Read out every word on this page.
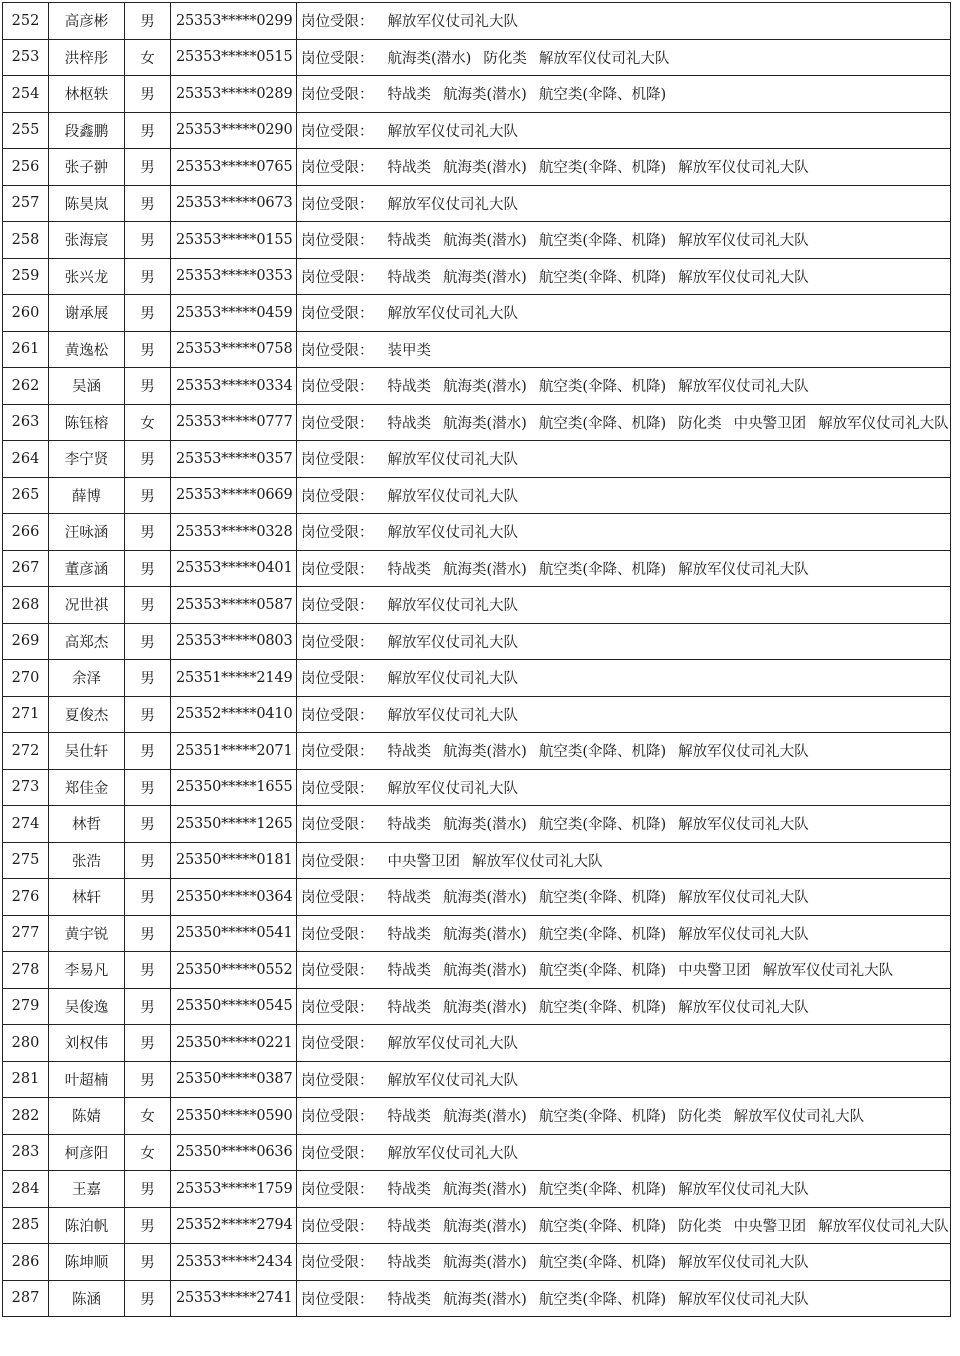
252	高彦彬	男	25353*****0299	岗位受限： 解放军仪仗司礼大队
253	洪梓彤	女	25353*****0515	岗位受限： 航海类(潜水) 防化类 解放军仪仗司礼大队
254	林枢轶	男	25353*****0289	岗位受限： 特战类 航海类(潜水) 航空类(伞降、机降)
255	段鑫鹏	男	25353*****0290	岗位受限： 解放军仪仗司礼大队
256	张子翀	男	25353*****0765	岗位受限： 特战类 航海类(潜水) 航空类(伞降、机降) 解放军仪仗司礼大队
257	陈昊岚	男	25353*****0673	岗位受限： 解放军仪仗司礼大队
258	张海宸	男	25353*****0155	岗位受限： 特战类 航海类(潜水) 航空类(伞降、机降) 解放军仪仗司礼大队
259	张兴龙	男	25353*****0353	岗位受限： 特战类 航海类(潜水) 航空类(伞降、机降) 解放军仪仗司礼大队
260	谢承展	男	25353*****0459	岗位受限： 解放军仪仗司礼大队
261	黄逸松	男	25353*****0758	岗位受限： 装甲类
262	吴涵	男	25353*****0334	岗位受限： 特战类 航海类(潜水) 航空类(伞降、机降) 解放军仪仗司礼大队
263	陈钰榕	女	25353*****0777	岗位受限： 特战类 航海类(潜水) 航空类(伞降、机降) 防化类 中央警卫团 解放军仪仗司礼大队
264	李宁贤	男	25353*****0357	岗位受限： 解放军仪仗司礼大队
265	薛博	男	25353*****0669	岗位受限： 解放军仪仗司礼大队
266	汪咏涵	男	25353*****0328	岗位受限： 解放军仪仗司礼大队
267	董彦涵	男	25353*****0401	岗位受限： 特战类 航海类(潜水) 航空类(伞降、机降) 解放军仪仗司礼大队
268	况世祺	男	25353*****0587	岗位受限： 解放军仪仗司礼大队
269	高郑杰	男	25353*****0803	岗位受限： 解放军仪仗司礼大队
270	余泽	男	25351*****2149	岗位受限： 解放军仪仗司礼大队
271	夏俊杰	男	25352*****0410	岗位受限： 解放军仪仗司礼大队
272	吴仕轩	男	25351*****2071	岗位受限： 特战类 航海类(潜水) 航空类(伞降、机降) 解放军仪仗司礼大队
273	郑佳金	男	25350*****1655	岗位受限： 解放军仪仗司礼大队
274	林哲	男	25350*****1265	岗位受限： 特战类 航海类(潜水) 航空类(伞降、机降) 解放军仪仗司礼大队
275	张浩	男	25350*****0181	岗位受限： 中央警卫团 解放军仪仗司礼大队
276	林轩	男	25350*****0364	岗位受限： 特战类 航海类(潜水) 航空类(伞降、机降) 解放军仪仗司礼大队
277	黄宇锐	男	25350*****0541	岗位受限： 特战类 航海类(潜水) 航空类(伞降、机降) 解放军仪仗司礼大队
278	李易凡	男	25350*****0552	岗位受限： 特战类 航海类(潜水) 航空类(伞降、机降) 中央警卫团 解放军仪仗司礼大队
279	吴俊逸	男	25350*****0545	岗位受限： 特战类 航海类(潜水) 航空类(伞降、机降) 解放军仪仗司礼大队
280	刘权伟	男	25350*****0221	岗位受限： 解放军仪仗司礼大队
281	叶超楠	男	25350*****0387	岗位受限： 解放军仪仗司礼大队
282	陈婧	女	25350*****0590	岗位受限： 特战类 航海类(潜水) 航空类(伞降、机降) 防化类 解放军仪仗司礼大队
283	柯彦阳	女	25350*****0636	岗位受限： 解放军仪仗司礼大队
284	王嘉	男	25353*****1759	岗位受限： 特战类 航海类(潜水) 航空类(伞降、机降) 解放军仪仗司礼大队
285	陈泊帆	男	25352*****2794	岗位受限： 特战类 航海类(潜水) 航空类(伞降、机降) 防化类 中央警卫团 解放军仪仗司礼大队
286	陈坤顺	男	25353*****2434	岗位受限： 特战类 航海类(潜水) 航空类(伞降、机降) 解放军仪仗司礼大队
287	陈涵	男	25353*****2741	岗位受限： 特战类 航海类(潜水) 航空类(伞降、机降) 解放军仪仗司礼大队
